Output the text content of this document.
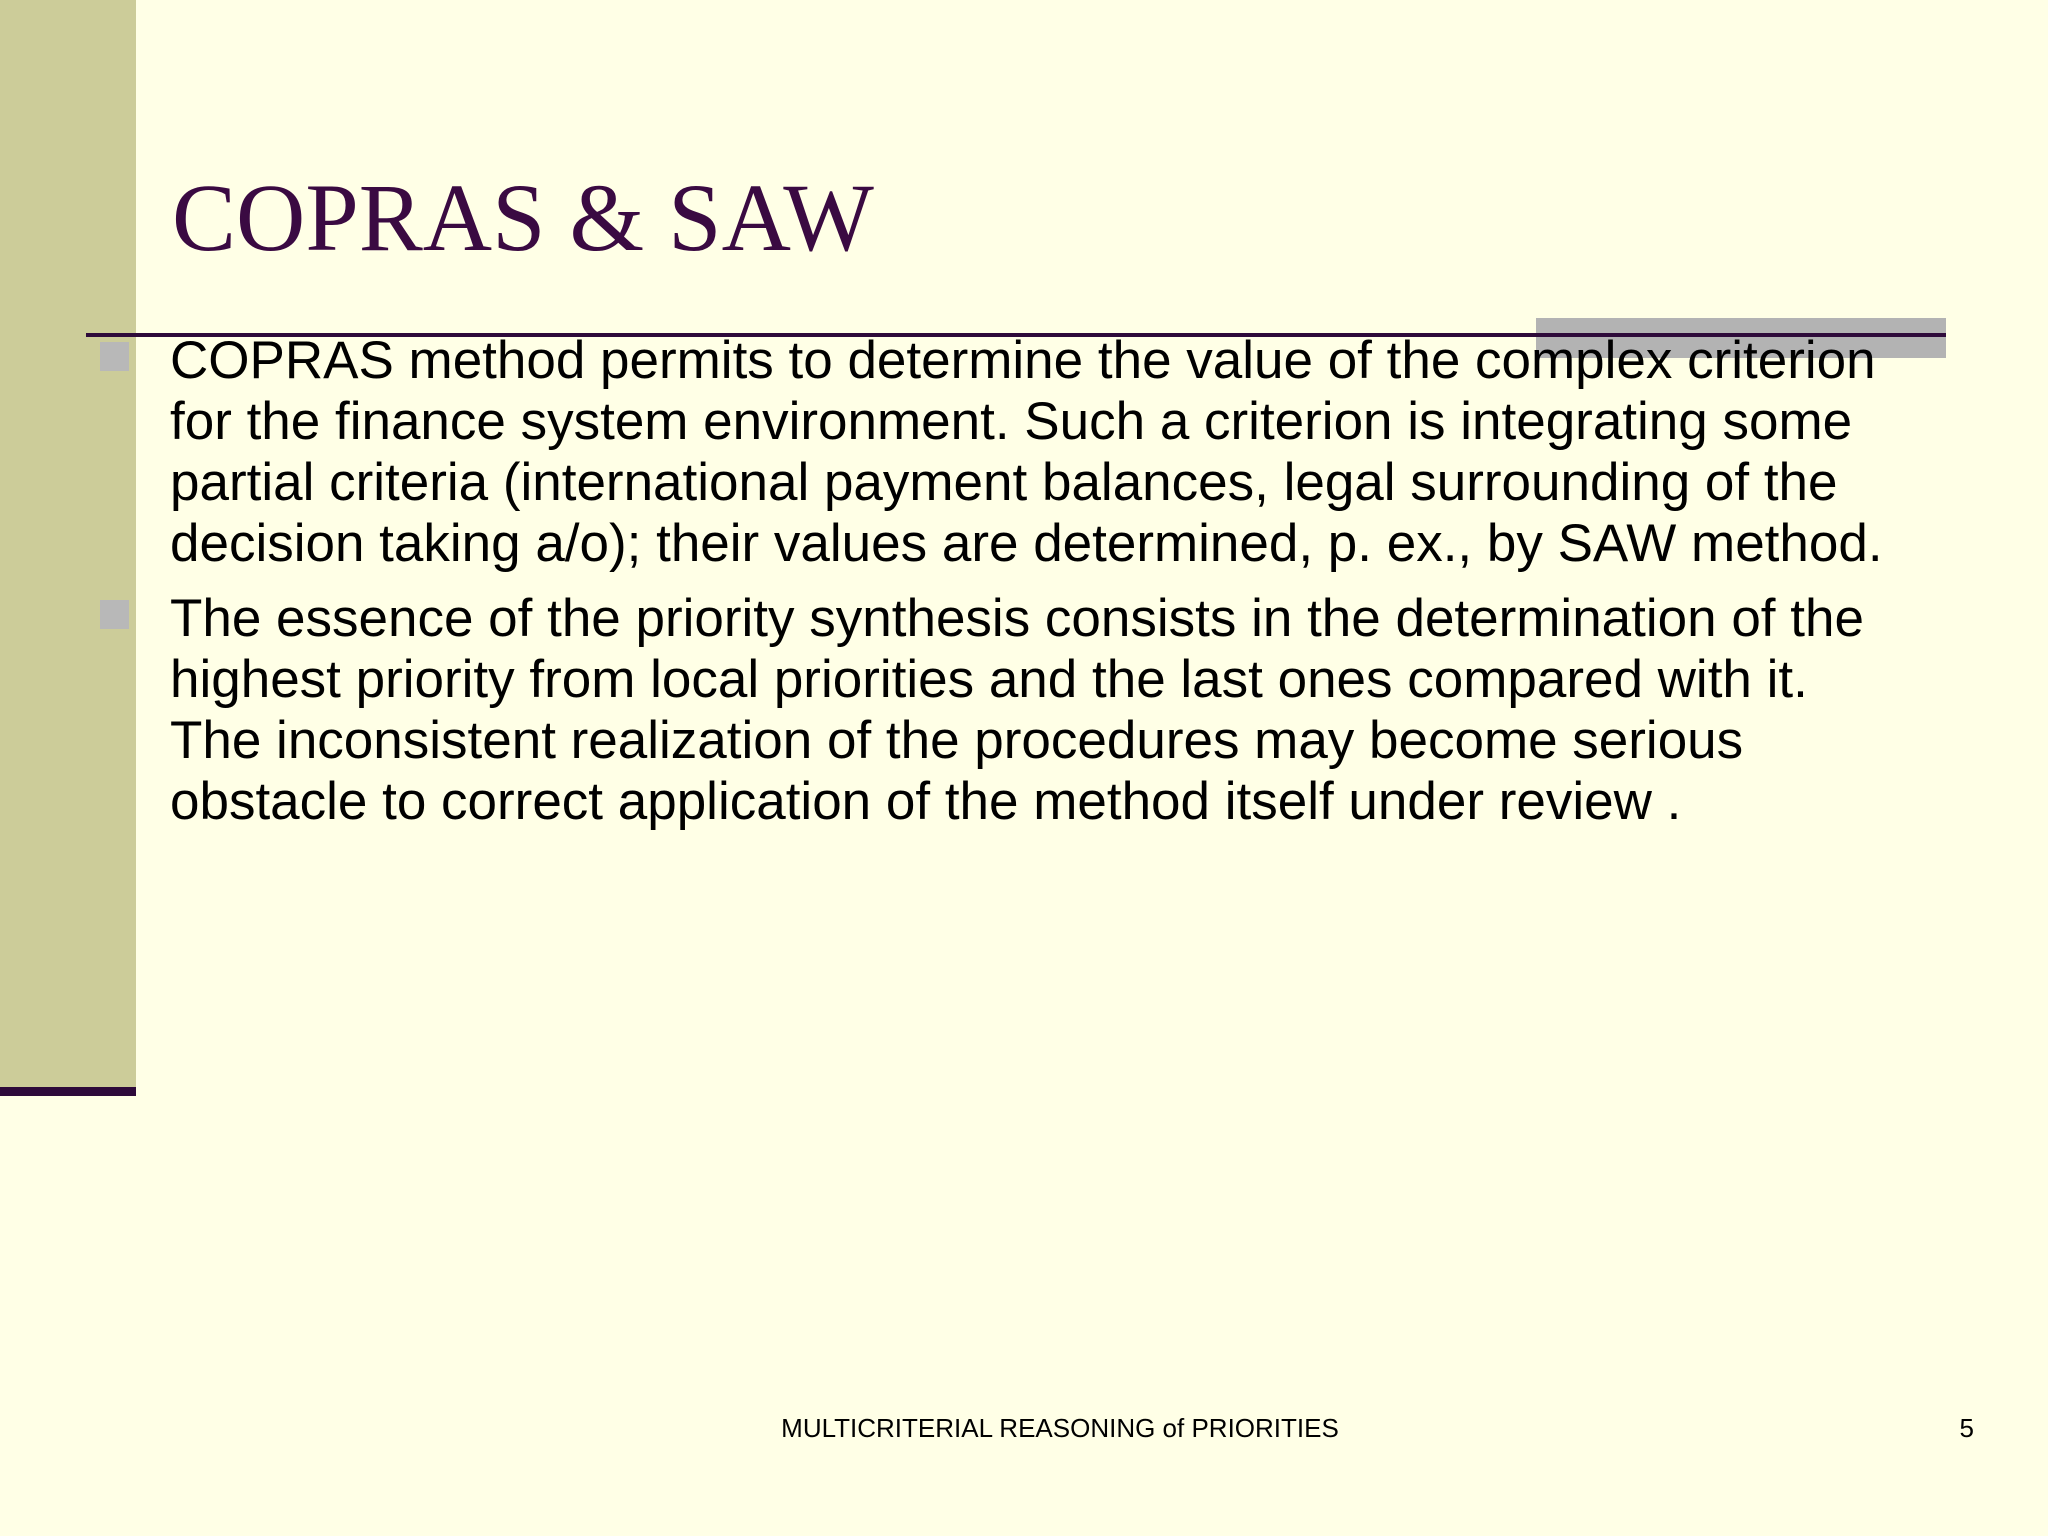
COPRAS & SAW
COPRAS method permits to determine the value of the complex criterion for the finance system environment. Such a criterion is integrating some partial criteria (international payment balances, legal surrounding of the decision taking a/o); their values are determined, p. ex., by SAW method.
The essence of the priority synthesis consists in the determination of the highest priority from local priorities and the last ones compared with it. The inconsistent realization of the procedures may become serious obstacle to correct application of the method itself under review .
MULTICRITERIAL REASONING of PRIORITIES	5
